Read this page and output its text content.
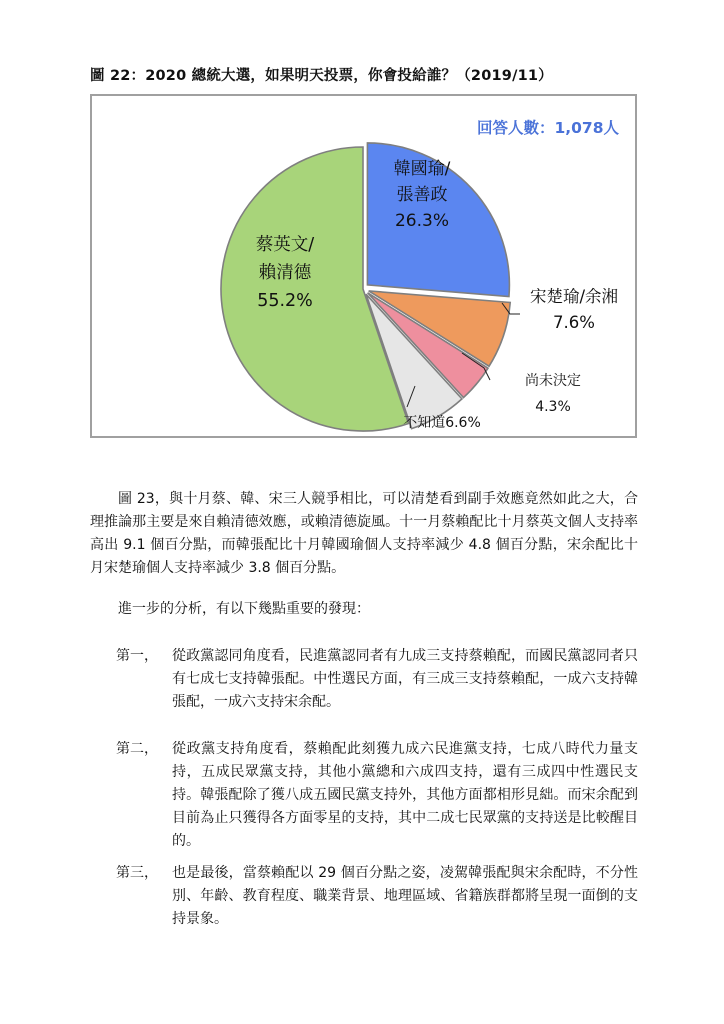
圖 22：2020 總統大選，如果明天投票，你會投給誰？（2019/11）
回答人數：1,078人
韓國瑜/
張善政
26.3%
宋楚瑜/余湘
7.6%
尚未決定
4.3%
不知道6.6%
蔡英文/
賴清德
55.2%

圖 23，與十月蔡、韓、宋三人競爭相比，可以清楚看到副手效應竟然如此之大，合理推論那主要是來自賴清德效應，或賴清德旋風。十一月蔡賴配比十月蔡英文個人支持率高出 9.1 個百分點，而韓張配比十月韓國瑜個人支持率減少 4.8 個百分點，宋余配比十月宋楚瑜個人支持率減少 3.8 個百分點。

進一步的分析，有以下幾點重要的發現：

第一， 從政黨認同角度看，民進黨認同者有九成三支持蔡賴配，而國民黨認同者只有七成七支持韓張配。中性選民方面，有三成三支持蔡賴配，一成六支持韓張配，一成六支持宋余配。
第二， 從政黨支持角度看，蔡賴配此刻獲九成六民進黨支持，七成八時代力量支持，五成民眾黨支持，其他小黨總和六成四支持，還有三成四中性選民支持。韓張配除了獲八成五國民黨支持外，其他方面都相形見絀。而宋余配到目前為止只獲得各方面零星的支持，其中二成七民眾黨的支持送是比較醒目的。
第三， 也是最後，當蔡賴配以 29 個百分點之姿，凌駕韓張配與宋余配時，不分性別、年齡、教育程度、職業背景、地理區域、省籍族群都將呈現一面倒的支持景象。
